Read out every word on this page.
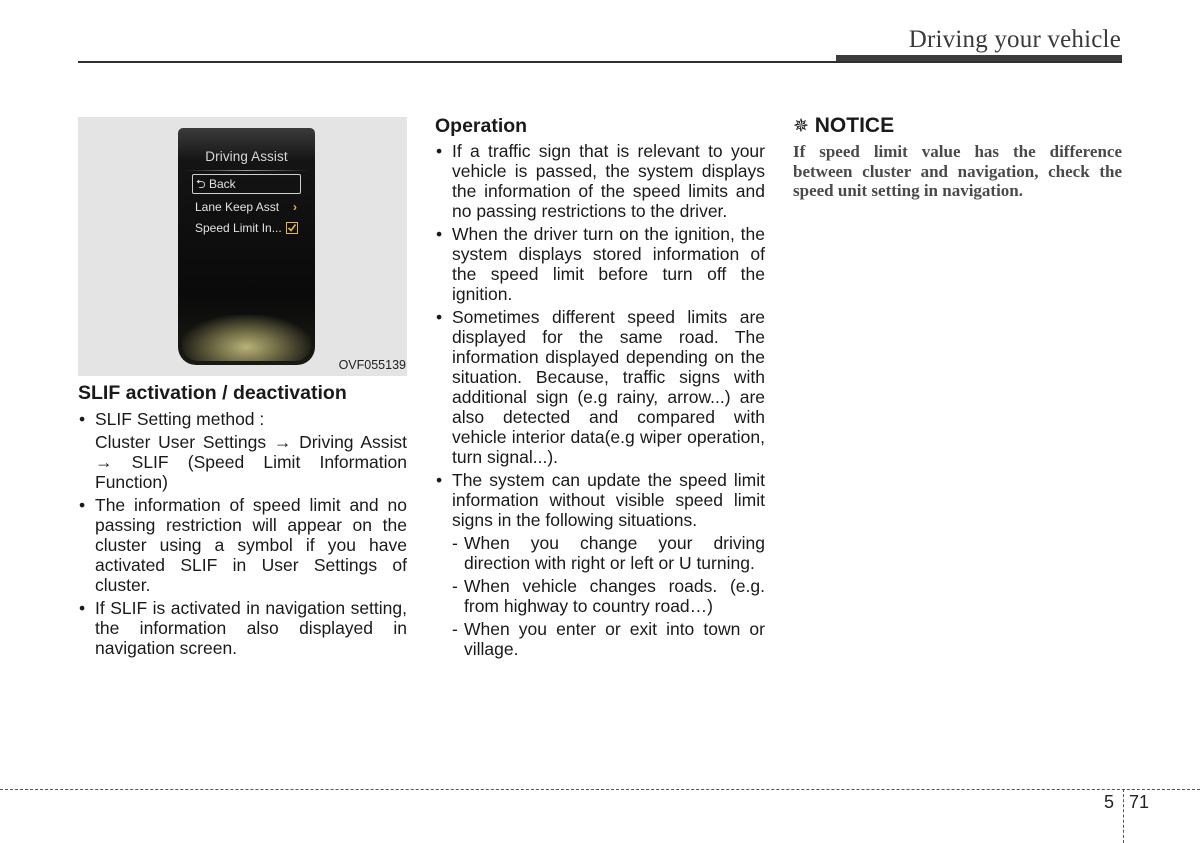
Driving your vehicle
Driving Assist
⮌ Back
Lane Keep Asst ›
Speed Limit In...
OVF055139
SLIF activation / deactivation
• SLIF Setting method :
Cluster User Settings → Driving Assist → SLIF (Speed Limit Information Function)
• The information of speed limit and no passing restriction will appear on the cluster using a symbol if you have activated SLIF in User Settings of cluster.
• If SLIF is activated in navigation setting, the information also displayed in navigation screen.
Operation
• If a traffic sign that is relevant to your vehicle is passed, the system displays the information of the speed limits and no passing restrictions to the driver.
• When the driver turn on the ignition, the system displays stored information of the speed limit before turn off the ignition.
• Sometimes different speed limits are displayed for the same road. The information displayed depending on the situation. Because, traffic signs with additional sign (e.g rainy, arrow...) are also detected and compared with vehicle interior data(e.g wiper operation, turn signal...).
• The system can update the speed limit information without visible speed limit signs in the following situations.
- When you change your driving direction with right or left or U turning.
- When vehicle changes roads. (e.g. from highway to country road…)
- When you enter or exit into town or village.
✵ NOTICE
If speed limit value has the difference between cluster and navigation, check the speed unit setting in navigation.
5 71
